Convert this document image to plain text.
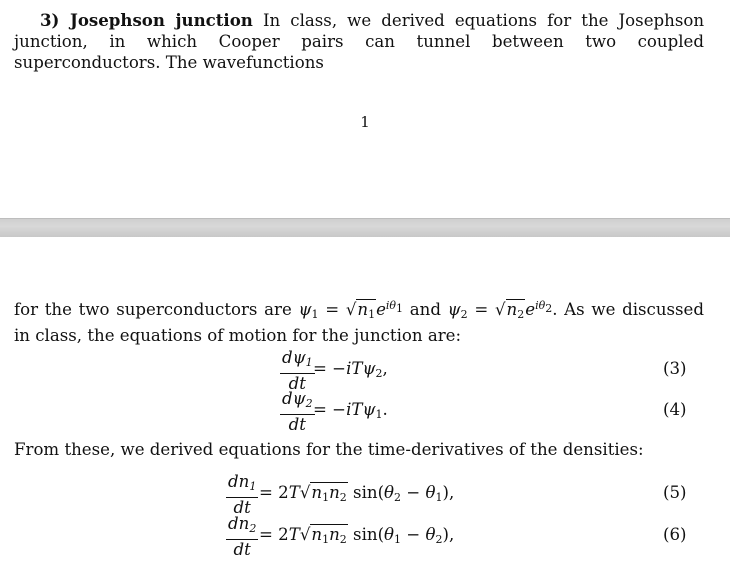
3) Josephson junction In class, we derived equations for the Josephson junction, in which Cooper pairs can tunnel between two coupled superconductors. The wavefunctions
1
for the two superconductors are $\psi_1 = √n_1e^{i\theta_1}$ and $\psi_2 = √n_2e^{i\theta_2}$. As we discussed in class, the equations of motion for the junction are:
$\frac{d\psi_1}{dt}$
= −iTψ$_2$,	(3)
$\frac{d\psi_2}{dt}$
= −iTψ$_1$.	(4)
From these, we derived equations for the time-derivatives of the densities:
$\frac{dn_1}{dt} = 2T√n_1n_2$ $\sin(\theta_2 - \theta_1)$,	(5)
$\frac{dn_2}{dt} = 2T√n_1n_2$ $\sin(\theta_1 - \theta_2)$,	(6)
